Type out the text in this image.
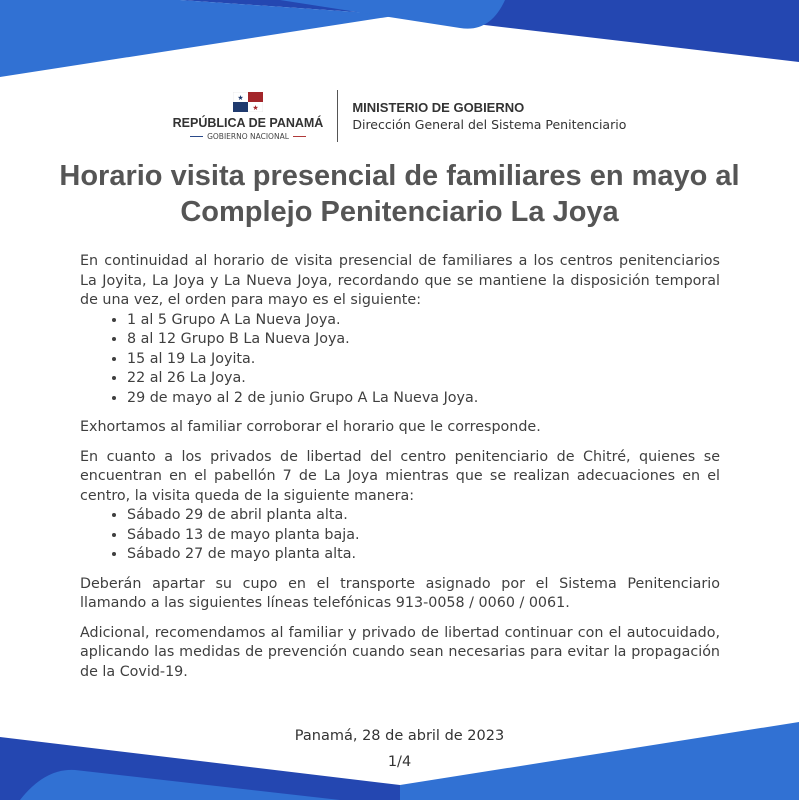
★
★
REPÚBLICA DE PANAMÁ
GOBIERNO NACIONAL
MINISTERIO DE GOBIERNO
Dirección General del Sistema Penitenciario
Horario visita presencial de familiares en mayo al Complejo Penitenciario La Joya

En continuidad al horario de visita presencial de familiares a los centros penitenciarios La Joyita, La Joya y La Nueva Joya, recordando que se mantiene la disposición temporal de una vez, el orden para mayo es el siguiente:

• 1 al 5 Grupo A La Nueva Joya.
• 8 al 12 Grupo B La Nueva Joya.
• 15 al 19 La Joyita.
• 22 al 26 La Joya.
• 29 de mayo al 2 de junio Grupo A La Nueva Joya.

Exhortamos al familiar corroborar el horario que le corresponde.

En cuanto a los privados de libertad del centro penitenciario de Chitré, quienes se encuentran en el pabellón 7 de La Joya mientras que se realizan adecuaciones en el centro, la visita queda de la siguiente manera:

• Sábado 29 de abril planta alta.
• Sábado 13 de mayo planta baja.
• Sábado 27 de mayo planta alta.

Deberán apartar su cupo en el transporte asignado por el Sistema Penitenciario llamando a las siguientes líneas telefónicas 913-0058 / 0060 / 0061.

Adicional, recomendamos al familiar y privado de libertad continuar con el autocuidado, aplicando las medidas de prevención cuando sean necesarias para evitar la propagación de la Covid-19.

Panamá, 28 de abril de 2023
1/4
